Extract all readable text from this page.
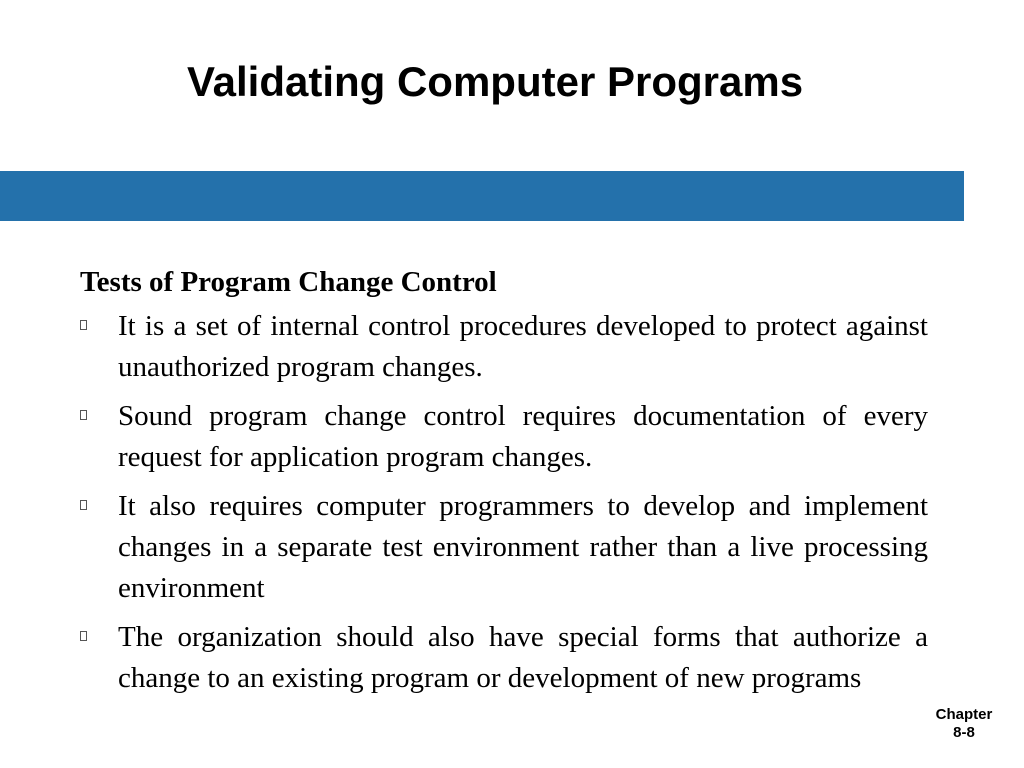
Validating Computer Programs
Tests of Program Change Control
It is a set of internal control procedures developed to protect against unauthorized program changes.
Sound program change control requires documentation of every request for application program changes.
It also requires computer programmers to develop and implement changes in a separate test environment rather than a live processing environment
The organization should also have special forms that authorize a change to an existing program or development of new programs
Chapter
8-8
